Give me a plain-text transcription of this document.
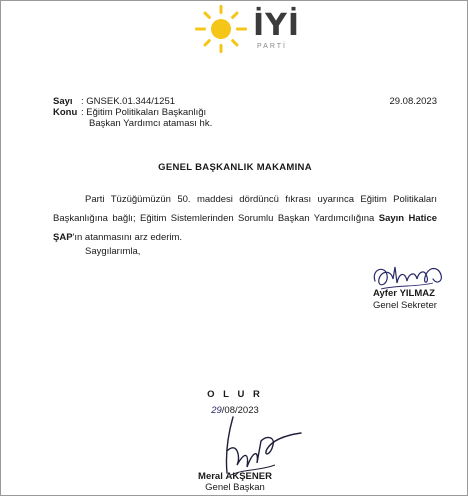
İYİ
PARTİ
Sayı : GNSEK.01.344/1251
Konu : Eğitim Politikaları Başkanlığı
Başkan Yardımcı ataması hk.
29.08.2023
GENEL BAŞKANLIK MAKAMINA

Parti Tüzüğümüzün 50. maddesi dördüncü fıkrası uyarınca Eğitim Politikaları Başkanlığına bağlı; Eğitim Sistemlerinden Sorumlu Başkan Yardımcılığına Sayın Hatice ŞAP'ın atanmasını arz ederim.

Saygılarımla,
Ayfer YILMAZ
Genel Sekreter
O L U R
29/08/2023
Meral AKŞENER
Genel Başkan
